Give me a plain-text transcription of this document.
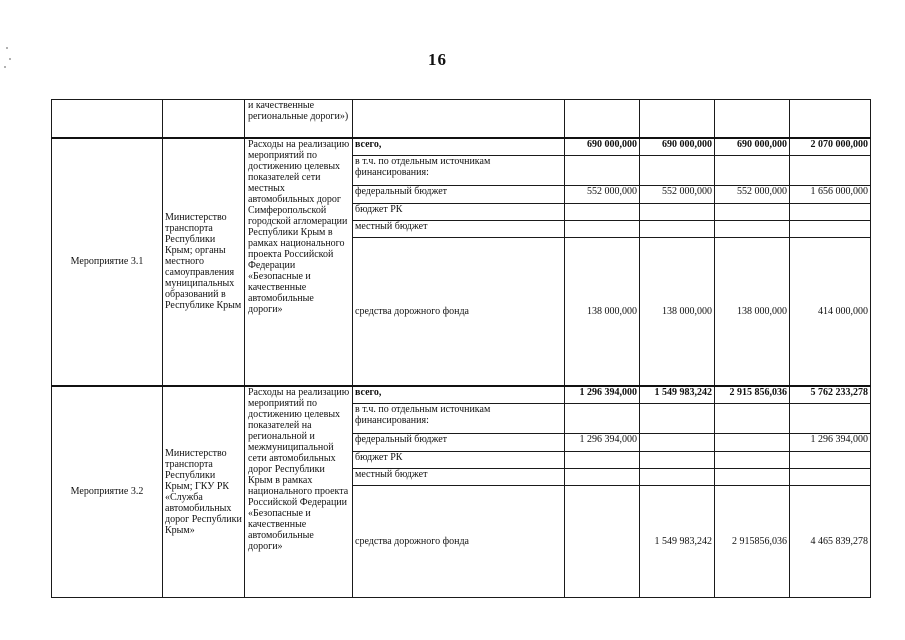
16
		и качественные региональные дороги»)					
Мероприятие 3.1	Министерство транспорта Республики Крым; органы местного самоуправления муниципальных образований в Республике Крым	Расходы на реализацию мероприятий по достижению целевых показателей сети местных автомобильных дорог Симферопольской городской агломерации Республики Крым в рамках национального проекта Российской Федерации «Безопасные и качественные автомобильные дороги»	всего,	690 000,000	690 000,000	690 000,000	2 070 000,000
			в т.ч. по отдельным источникам финансирования:				
			федеральный бюджет	552 000,000	552 000,000	552 000,000	1 656 000,000
			бюджет РК				
			местный бюджет				
			средства дорожного фонда	138 000,000	138 000,000	138 000,000	414 000,000
Мероприятие 3.2	Министерство транспорта Республики Крым; ГКУ РК «Служба автомобильных дорог Республики Крым»	Расходы на реализацию мероприятий по достижению целевых показателей на региональной и межмуниципальной сети автомобильных дорог Республики Крым в рамках национального проекта Российской Федерации «Безопасные и качественные автомобильные дороги»	всего,	1 296 394,000	1 549 983,242	2 915 856,036	5 762 233,278
			в т.ч. по отдельным источникам финансирования:				
			федеральный бюджет	1 296 394,000			1 296 394,000
			бюджет РК				
			местный бюджет				
			средства дорожного фонда		1 549 983,242	2 915856,036	4 465 839,278
